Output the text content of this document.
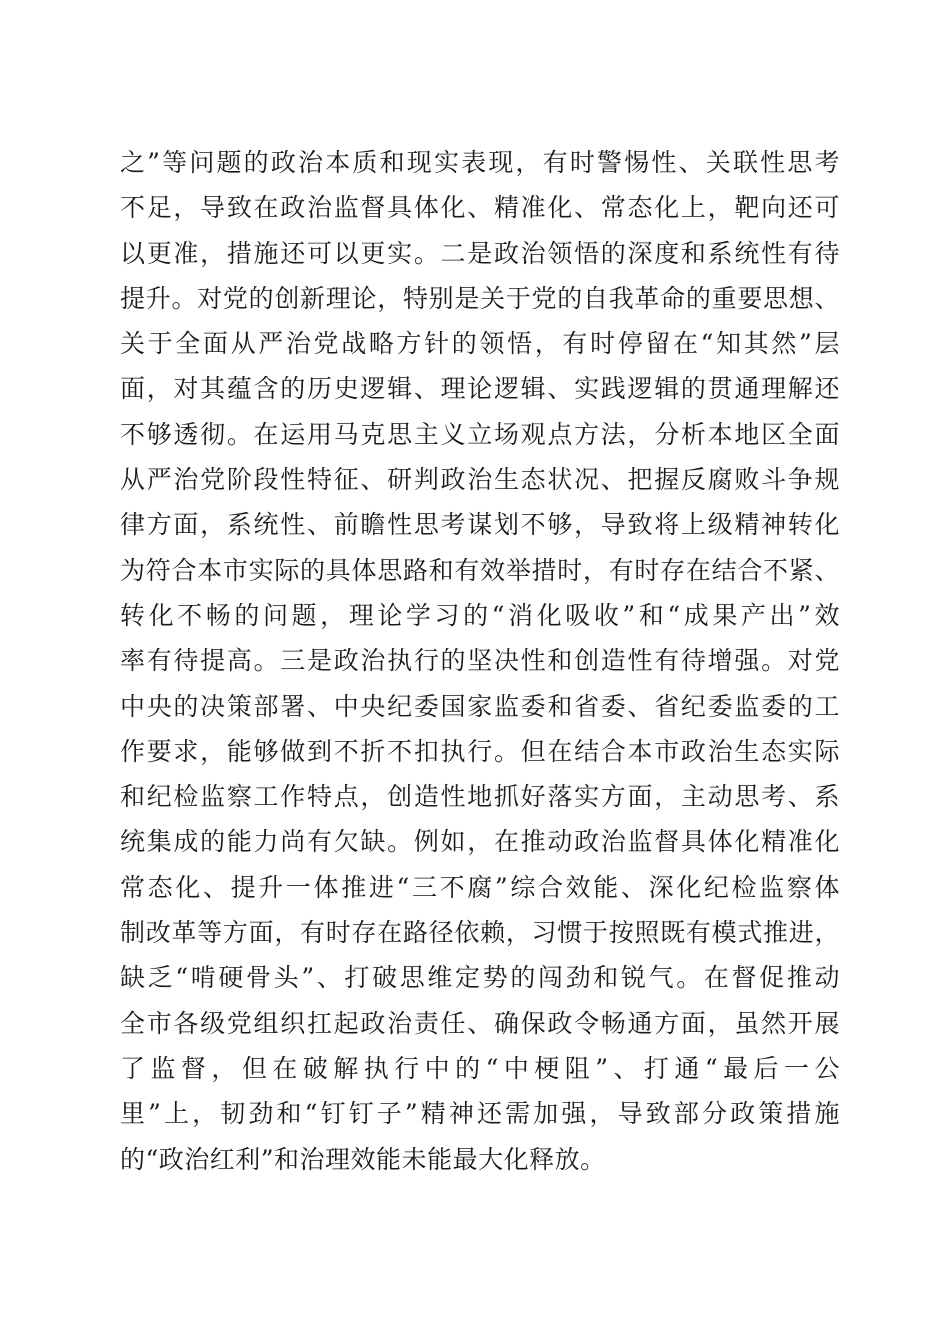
之”等问题的政治本质和现实表现，有时警惕性、关联性思考
不足，导致在政治监督具体化、精准化、常态化上，靶向还可
以更准，措施还可以更实。二是政治领悟的深度和系统性有待
提升。对党的创新理论，特别是关于党的自我革命的重要思想、
关于全面从严治党战略方针的领悟，有时停留在“知其然”层
面，对其蕴含的历史逻辑、理论逻辑、实践逻辑的贯通理解还
不够透彻。在运用马克思主义立场观点方法，分析本地区全面
从严治党阶段性特征、研判政治生态状况、把握反腐败斗争规
律方面，系统性、前瞻性思考谋划不够，导致将上级精神转化
为符合本市实际的具体思路和有效举措时，有时存在结合不紧、
转化不畅的问题，理论学习的“消化吸收”和“成果产出”效
率有待提高。三是政治执行的坚决性和创造性有待增强。对党
中央的决策部署、中央纪委国家监委和省委、省纪委监委的工
作要求，能够做到不折不扣执行。但在结合本市政治生态实际
和纪检监察工作特点，创造性地抓好落实方面，主动思考、系
统集成的能力尚有欠缺。例如，在推动政治监督具体化精准化
常态化、提升一体推进“三不腐”综合效能、深化纪检监察体
制改革等方面，有时存在路径依赖，习惯于按照既有模式推进，
缺乏“啃硬骨头”、打破思维定势的闯劲和锐气。在督促推动
全市各级党组织扛起政治责任、确保政令畅通方面，虽然开展
了监督，但在破解执行中的“中梗阻”、打通“最后一公
里”上，韧劲和“钉钉子”精神还需加强，导致部分政策措施
的“政治红利”和治理效能未能最大化释放。
